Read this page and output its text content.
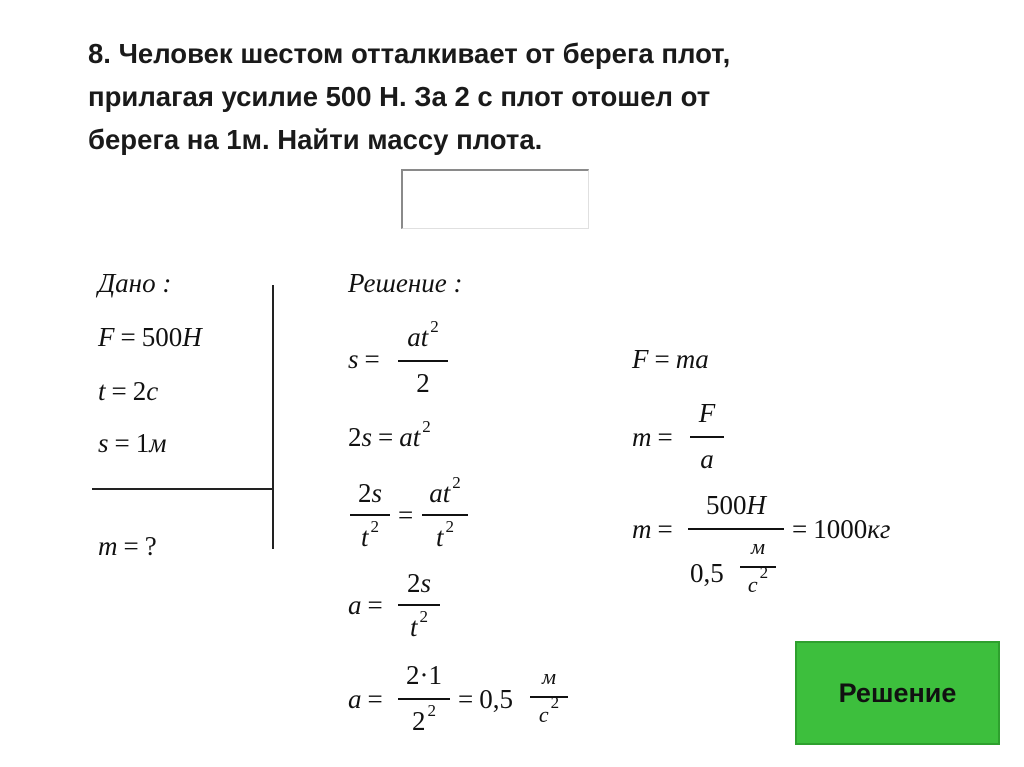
8. Человек шестом отталкивает от берега плот,
прилагая усилие 500 Н. За 2 с плот отошел от
берега на 1м. Найти массу плота.
Дано :
F = 500H
t = 2с
s = 1м
m = ?
Решение :
s =
at $^2$
2
2s = at $^2$
2s
t $^2$ =
at $^2$
t $^2$
a =
2s
t $^2$
a =
2·1
2 $^2$ = 0,5
м
с $^2$
F = ma
m =
F
a
m =
500H
0,5
м
с $^2$
= 1000кг
Решение
